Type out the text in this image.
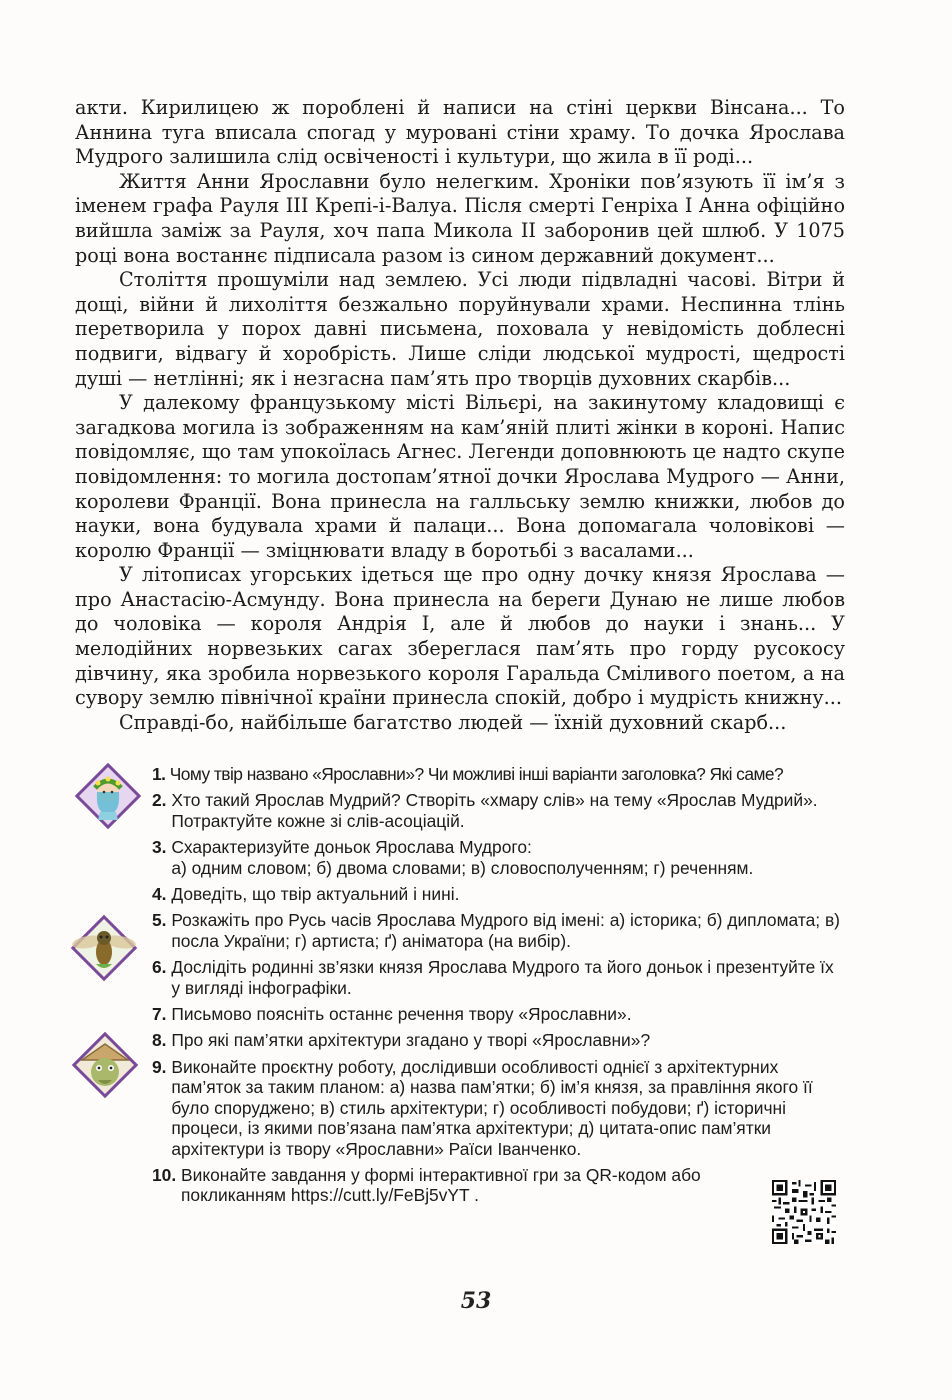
акти. Кирилицею ж пороблені й написи на стіні церкви Вінсана... То Аннина туга вписала спогад у муровані стіни храму. То дочка Ярослава Мудрого залишила слід освіченості і культури, що жила в її роді...

Життя Анни Ярославни було нелегким. Хроніки пов’язують її ім’я з іменем графа Рауля III Крепі-і-Валуа. Після смерті Генріха І Анна офіційно вийшла заміж за Рауля, хоч папа Микола II заборонив цей шлюб. У 1075 році вона востаннє підписала разом із сином державний документ...

Століття прошуміли над землею. Усі люди підвладні часові. Вітри й дощі, війни й лихоліття безжально поруйнували храми. Неспинна тлінь перетворила у порох давні письмена, поховала у невідомість доблесні подвиги, відвагу й хоробрість. Лише сліди людської мудрості, щедрості душі — нетлінні; як і незгасна пам’ять про творців духовних скарбів...

У далекому французькому місті Вільєрі, на закинутому кладовищі є загадкова могила із зображенням на кам’яній плиті жінки в короні. Напис повідомляє, що там упокоїлась Агнес. Легенди доповнюють це надто скупе повідомлення: то могила достопам’ятної дочки Ярослава Мудрого — Анни, королеви Франції. Вона принесла на галльську землю книжки, любов до науки, вона будувала храми й палаци... Вона допомагала чоловікові — королю Франції — зміцнювати владу в боротьбі з васалами...

У літописах угорських ідеться ще про одну дочку князя Ярослава — про Анастасію-Асмунду. Вона принесла на береги Дунаю не лише любов до чоловіка — короля Андрія I, але й любов до науки і знань... У мелодійних норвезьких сагах збереглася пам’ять про горду русокосу дівчину, яка зробила норвезького короля Гаральда Сміливого поетом, а на сувору землю північної країни принесла спокій, добро і мудрість книжну...

Справді-бо, найбільше багатство людей — їхній духовний скарб...

1. Чому твір названо «Ярославни»? Чи можливі інші варіанти заголовка? Які саме?
2. Хто такий Ярослав Мудрий? Створіть «хмару слів» на тему «Ярослав Мудрий». Потрактуйте кожне зі слів-асоціацій.
3. Схарактеризуйте доньок Ярослава Мудрого:
а) одним словом; б) двома словами; в) словосполученням; г) реченням.
4. Доведіть, що твір актуальний і нині.
5. Розкажіть про Русь часів Ярослава Мудрого від імені: а) історика; б) дипломата; в) посла України; г) артиста; ґ) аніматора (на вибір).
6. Дослідіть родинні зв’язки князя Ярослава Мудрого та його доньок і презентуйте їх у вигляді інфографіки.
7. Письмово поясніть останнє речення твору «Ярославни».
8. Про які пам’ятки архітектури згадано у творі «Ярославни»?
9. Виконайте проєктну роботу, дослідивши особливості однієї з архітектурних пам’яток за таким планом: а) назва пам’ятки; б) ім’я князя, за правління якого її було споруджено; в) стиль архітектури; г) особливості побудови; ґ) історичні процеси, із якими пов’язана пам’ятка архітектури; д) цитата-опис пам’ятки архітектури із твору «Ярославни» Раїси Іванченко.
10. Виконайте завдання у формі інтерактивної гри за QR-кодом або покликанням https://cutt.ly/FeBj5vYT .
53
